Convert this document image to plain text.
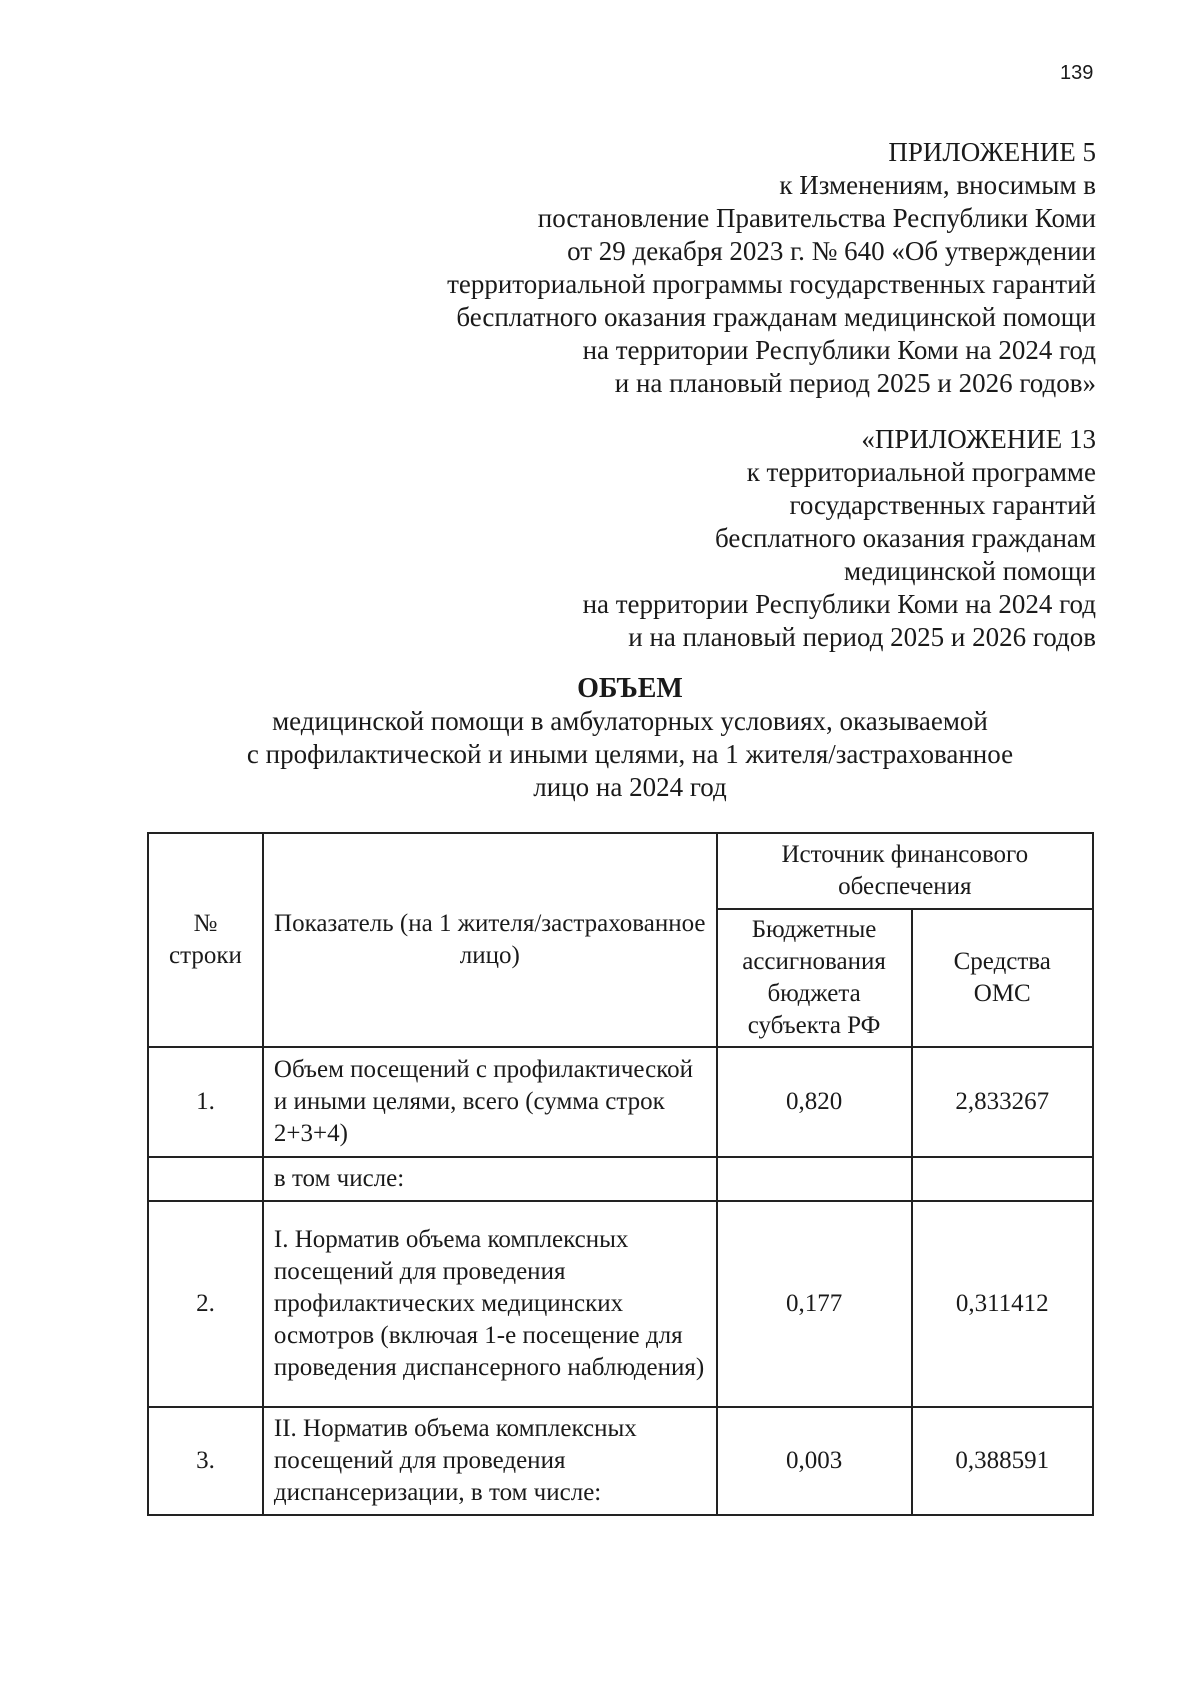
139
ПРИЛОЖЕНИЕ 5
к Изменениям, вносимым в
постановление Правительства Республики Коми
от 29 декабря 2023 г. № 640 «Об утверждении
территориальной программы государственных гарантий
бесплатного оказания гражданам медицинской помощи
на территории Республики Коми на 2024 год
и на плановый период 2025 и 2026 годов»
«ПРИЛОЖЕНИЕ 13
к территориальной программе
государственных гарантий
бесплатного оказания гражданам
медицинской помощи
на территории Республики Коми на 2024 год
и на плановый период 2025 и 2026 годов
ОБЪЕМ
медицинской помощи в амбулаторных условиях, оказываемой
с профилактической и иными целями, на 1 жителя/застрахованное
лицо на 2024 год
№ строки	Показатель (на 1 жителя/застрахованное лицо)	Источник финансового обеспечения	
		Бюджетные ассигнования бюджета субъекта РФ	Средства ОМС
1.	Объем посещений с профилактической и иными целями, всего (сумма строк 2+3+4)	0,820	2,833267
	в том числе:		
2.	I. Норматив объема комплексных посещений для проведения профилактических медицинских осмотров (включая 1-е посещение для проведения диспансерного наблюдения)	0,177	0,311412
3.	II. Норматив объема комплексных посещений для проведения диспансеризации, в том числе:	0,003	0,388591
